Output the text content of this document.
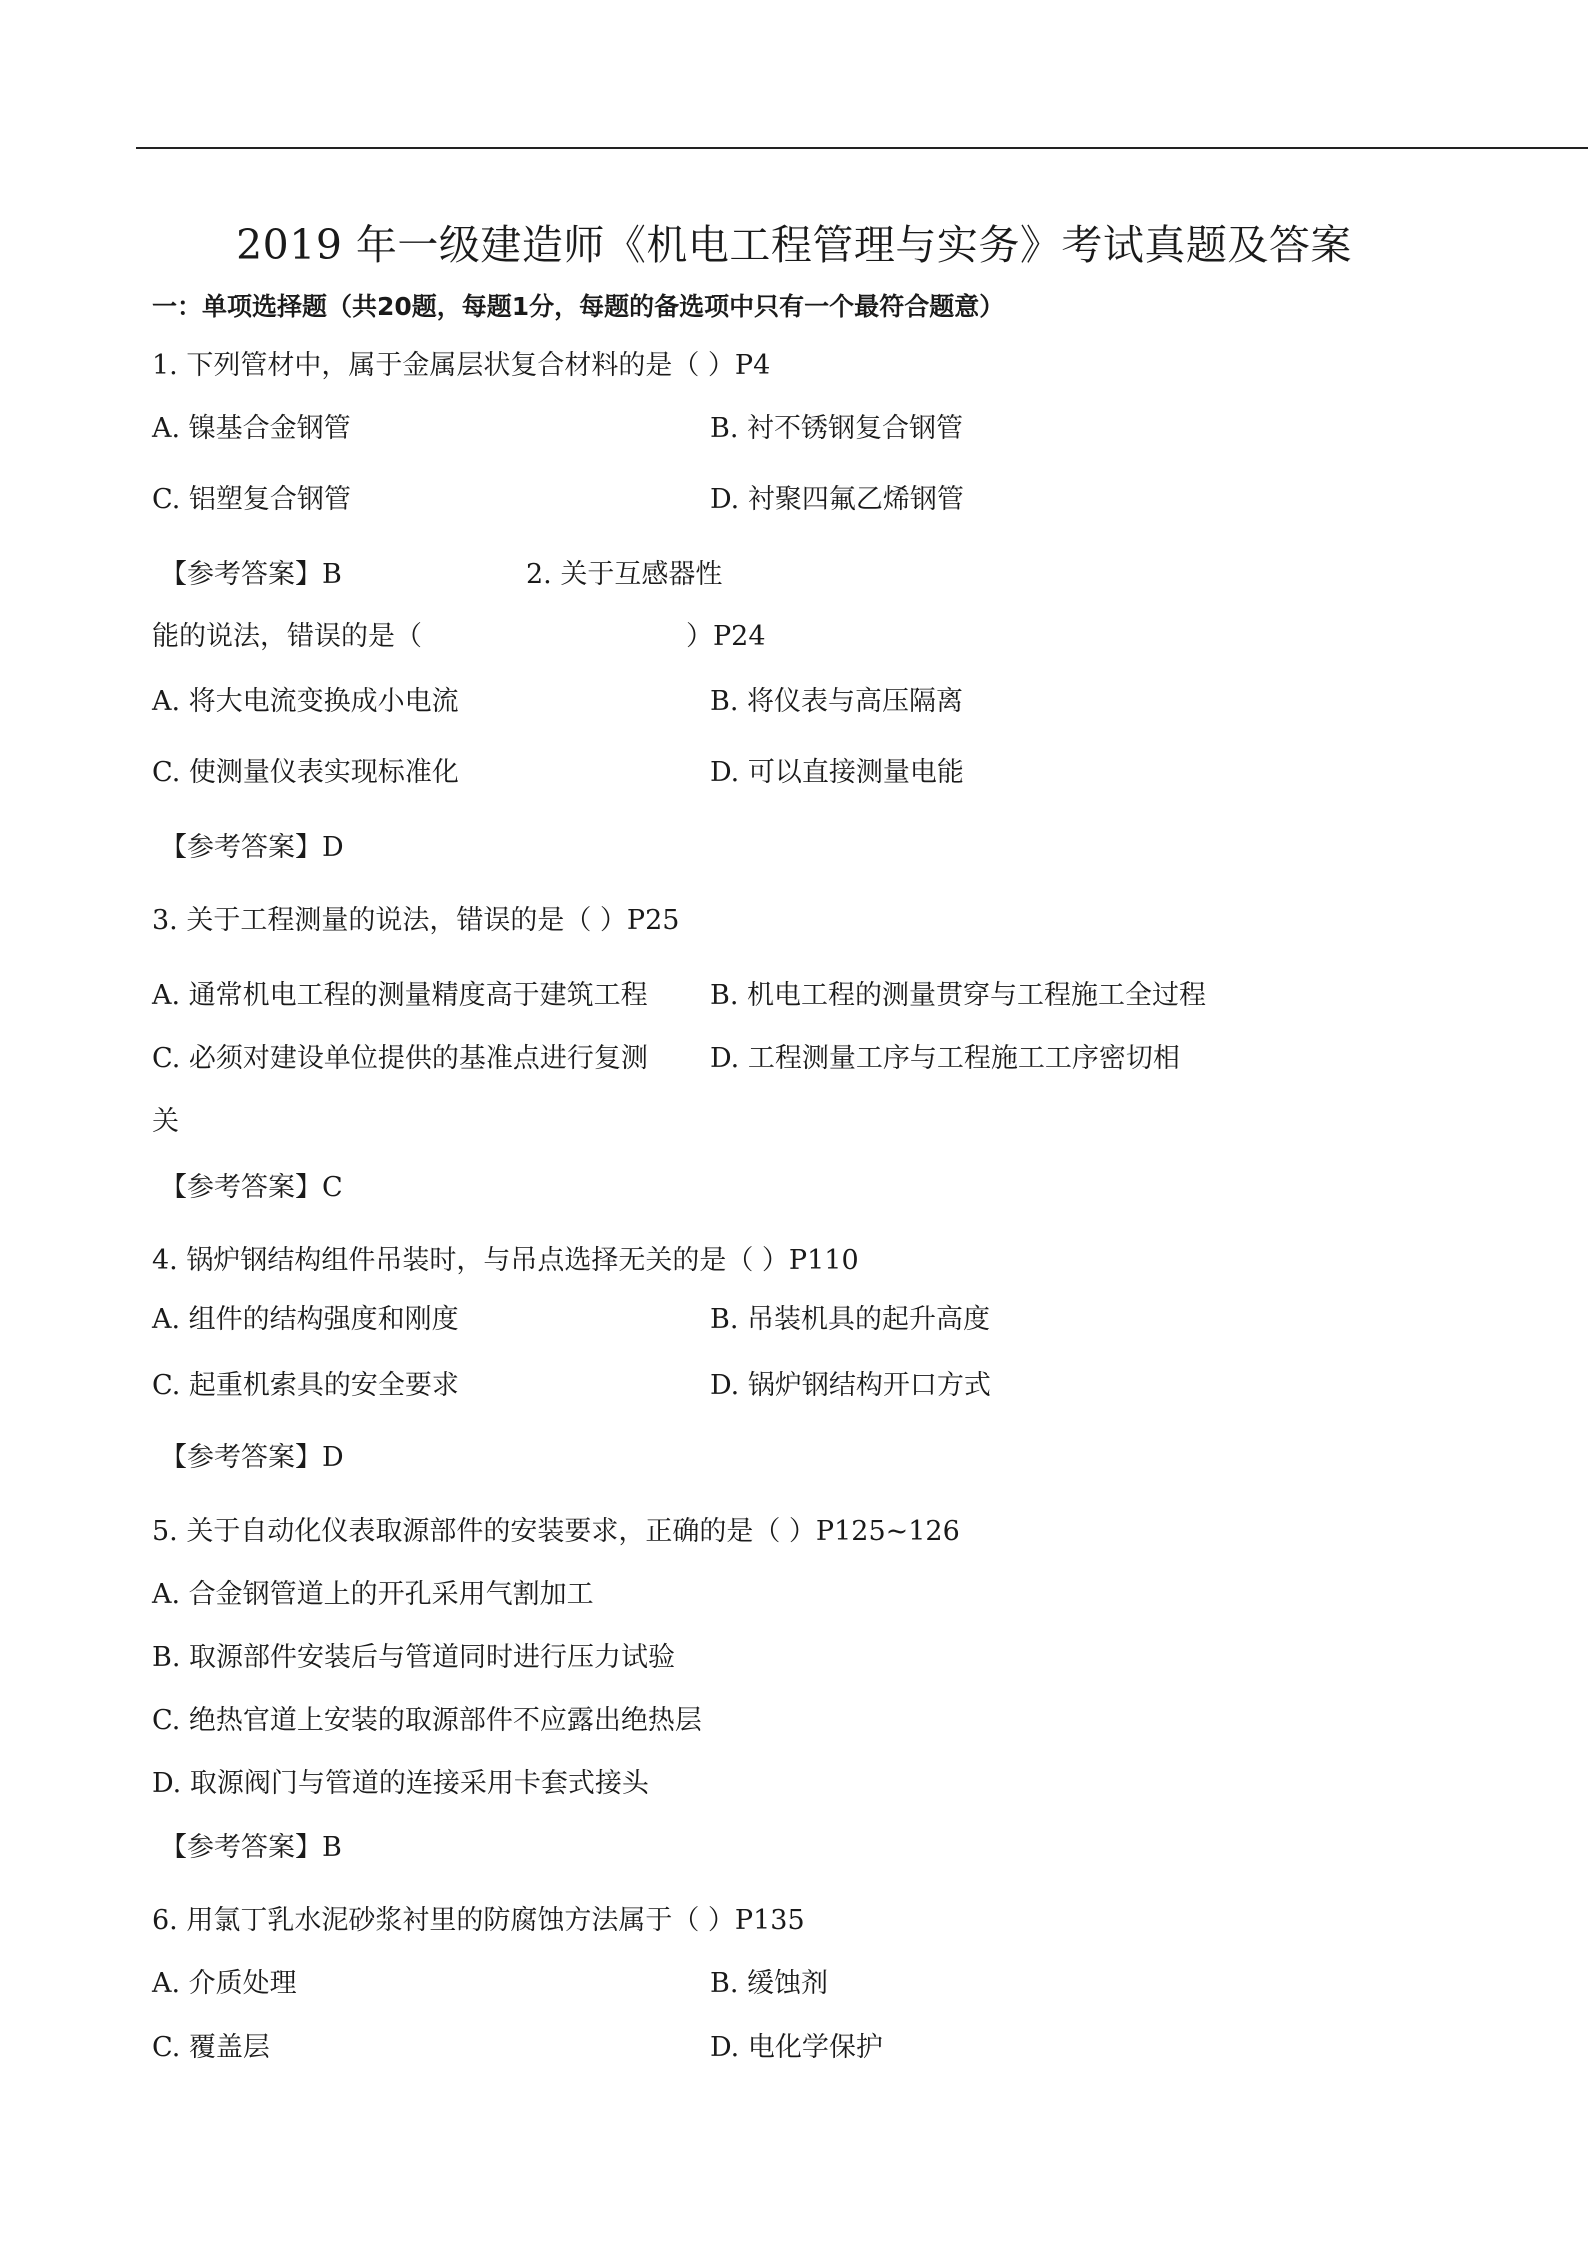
2019 年一级建造师《机电工程管理与实务》考试真题及答案
一：单项选择题（共20题，每题1分，每题的备选项中只有一个最符合题意）
1. 下列管材中，属于金属层状复合材料的是（ ）P4
A. 镍基合金钢管	B. 衬不锈钢复合钢管
C. 铝塑复合钢管	D. 衬聚四氟乙烯钢管
【参考答案】B	2. 关于互感器性
能的说法，错误的是（	）P24
A. 将大电流变换成小电流	B. 将仪表与高压隔离
C. 使测量仪表实现标准化	D. 可以直接测量电能
【参考答案】D
3. 关于工程测量的说法，错误的是（ ）P25
A. 通常机电工程的测量精度高于建筑工程 B. 机电工程的测量贯穿与工程施工全过程
C. 必须对建设单位提供的基准点进行复测 D. 工程测量工序与工程施工工序密切相
关
【参考答案】C
4. 锅炉钢结构组件吊装时，与吊点选择无关的是（ ）P110
A. 组件的结构强度和刚度	B. 吊装机具的起升高度
C. 起重机索具的安全要求	D. 锅炉钢结构开口方式
【参考答案】D
5. 关于自动化仪表取源部件的安装要求，正确的是（ ）P125~126
A. 合金钢管道上的开孔采用气割加工
B. 取源部件安装后与管道同时进行压力试验
C. 绝热官道上安装的取源部件不应露出绝热层
D. 取源阀门与管道的连接采用卡套式接头
【参考答案】B
6. 用氯丁乳水泥砂浆衬里的防腐蚀方法属于（ ）P135
A. 介质处理	B. 缓蚀剂
C. 覆盖层	D. 电化学保护
